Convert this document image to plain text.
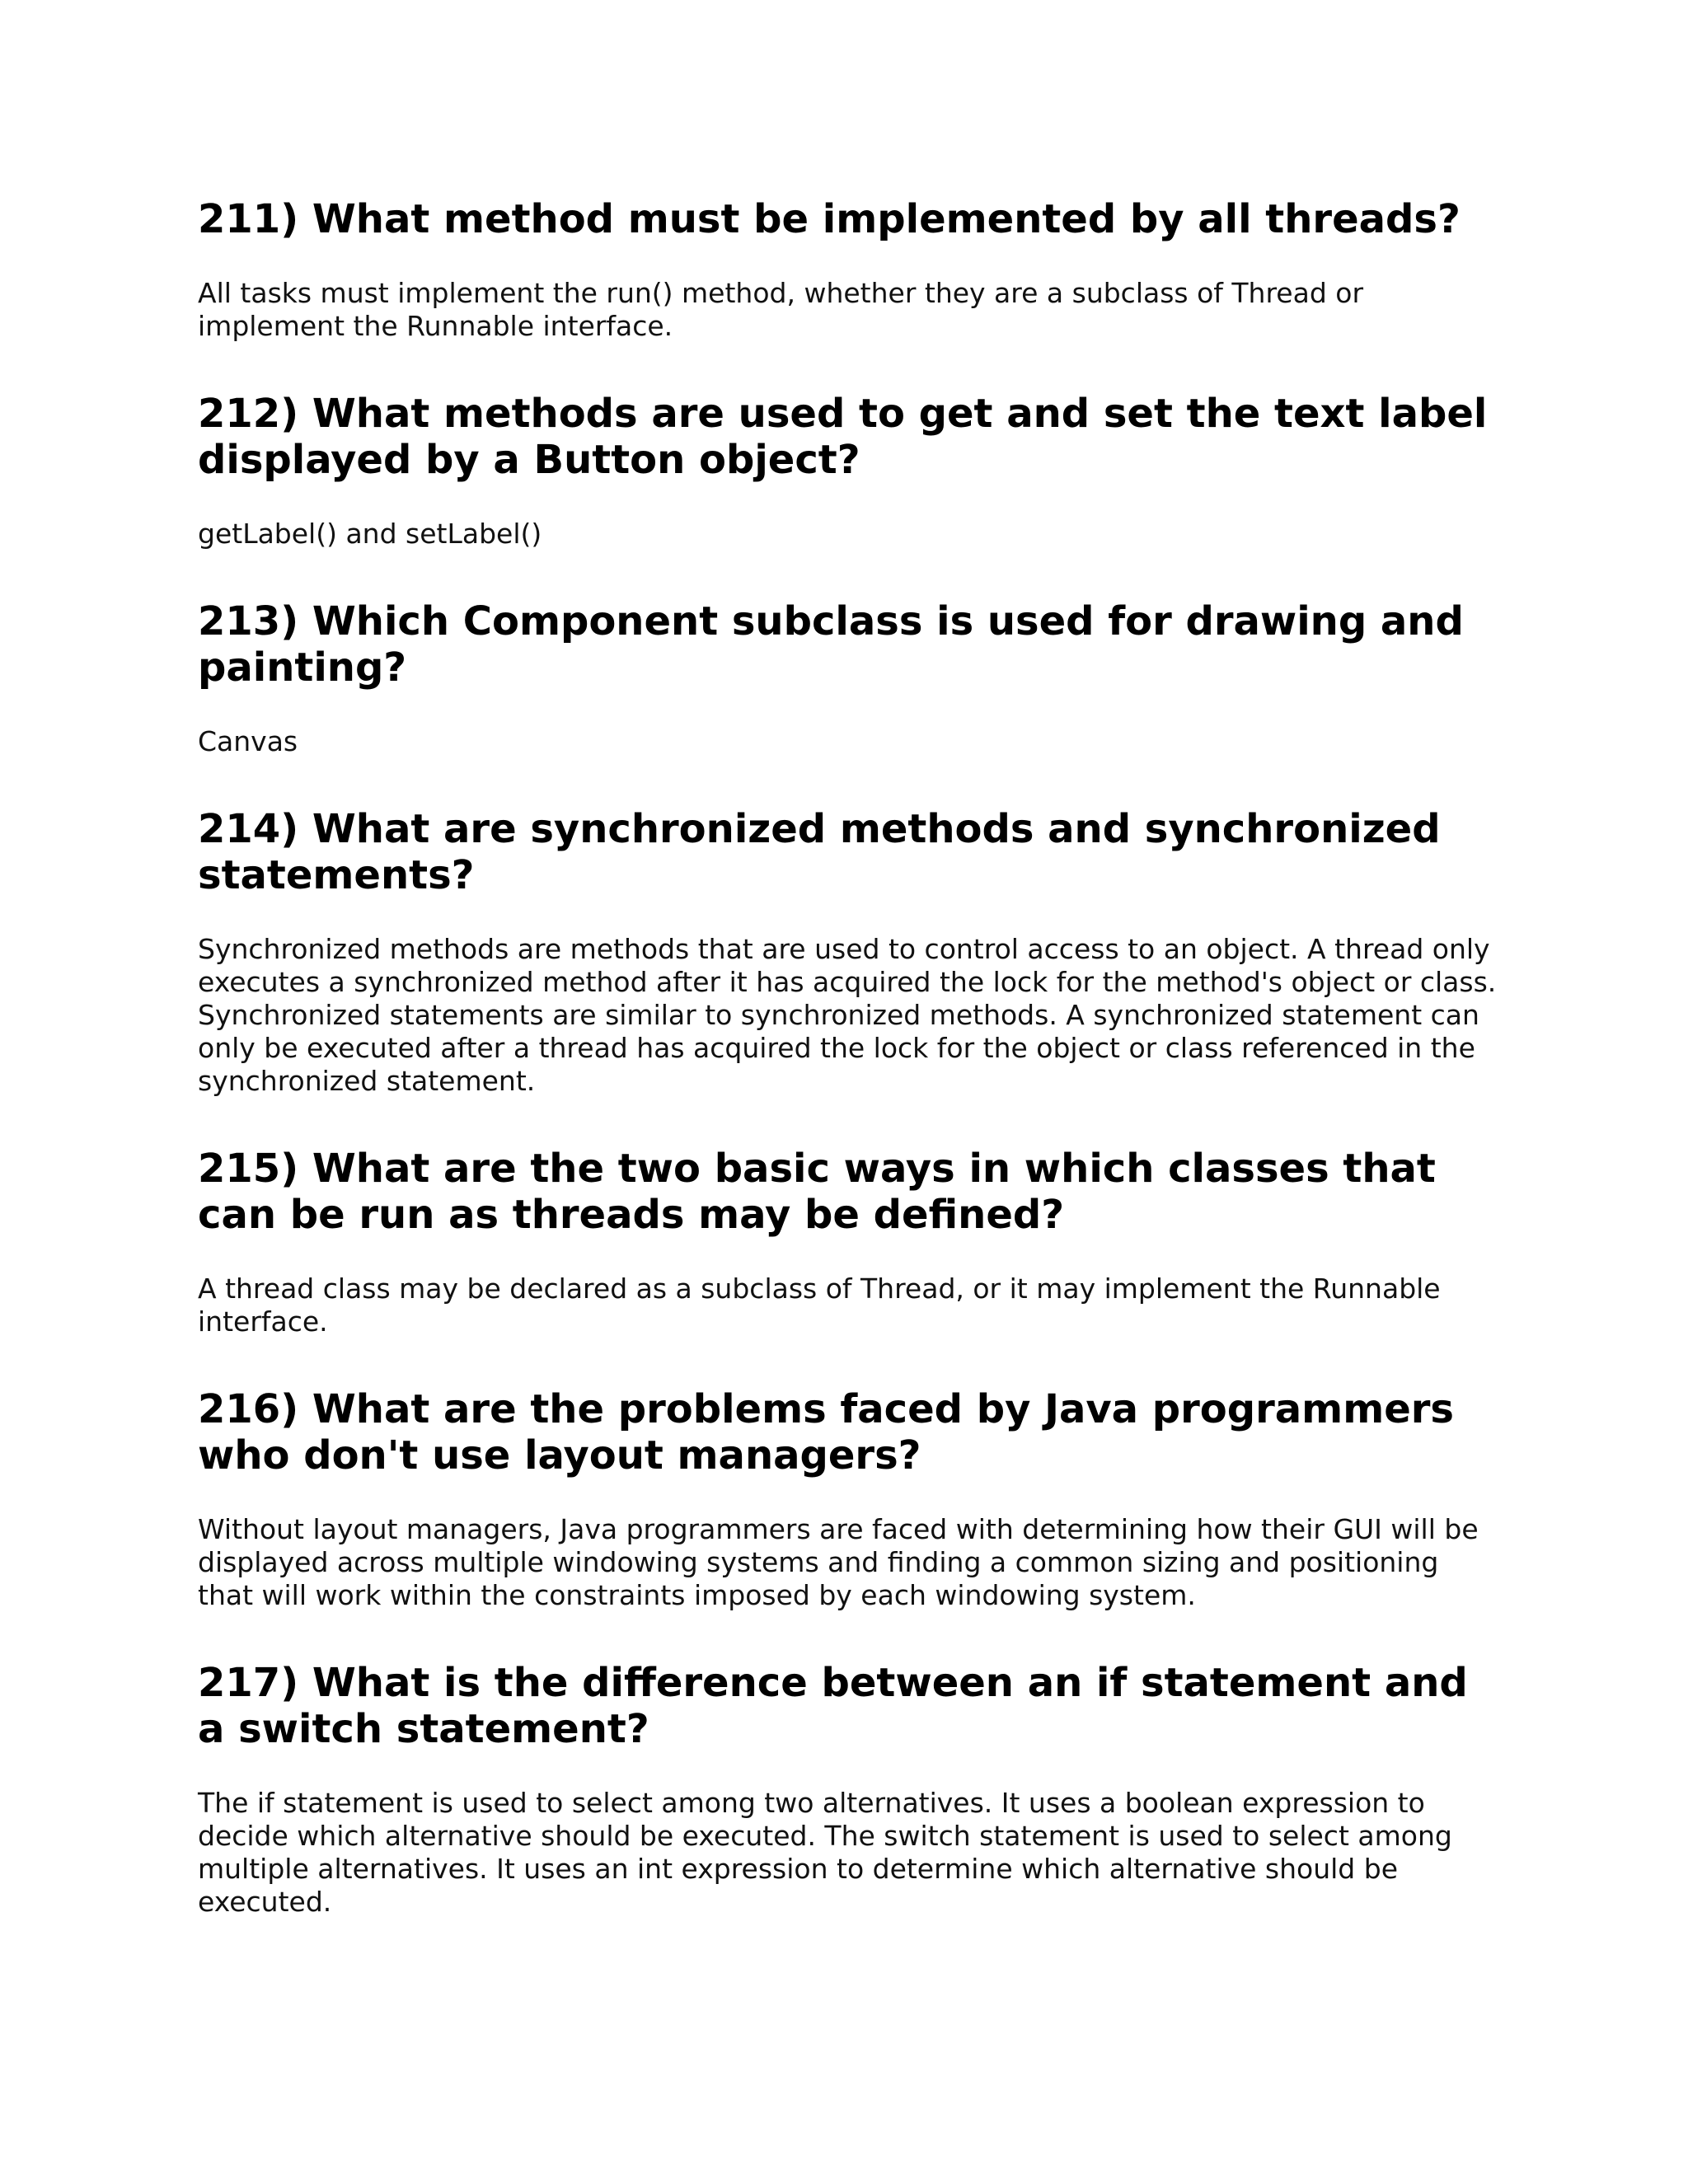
211) What method must be implemented by all threads?

All tasks must implement the run() method, whether they are a subclass of Thread or implement the Runnable interface.

212) What methods are used to get and set the text label displayed by a Button object?

getLabel() and setLabel()

213) Which Component subclass is used for drawing and painting?

Canvas

214) What are synchronized methods and synchronized statements?

Synchronized methods are methods that are used to control access to an object. A thread only executes a synchronized method after it has acquired the lock for the method's object or class. Synchronized statements are similar to synchronized methods. A synchronized statement can only be executed after a thread has acquired the lock for the object or class referenced in the synchronized statement.

215) What are the two basic ways in which classes that can be run as threads may be defined?

A thread class may be declared as a subclass of Thread, or it may implement the Runnable interface.

216) What are the problems faced by Java programmers who don't use layout managers?

Without layout managers, Java programmers are faced with determining how their GUI will be displayed across multiple windowing systems and finding a common sizing and positioning that will work within the constraints imposed by each windowing system.

217) What is the difference between an if statement and a switch statement?

The if statement is used to select among two alternatives. It uses a boolean expression to decide which alternative should be executed. The switch statement is used to select among multiple alternatives. It uses an int expression to determine which alternative should be executed.
